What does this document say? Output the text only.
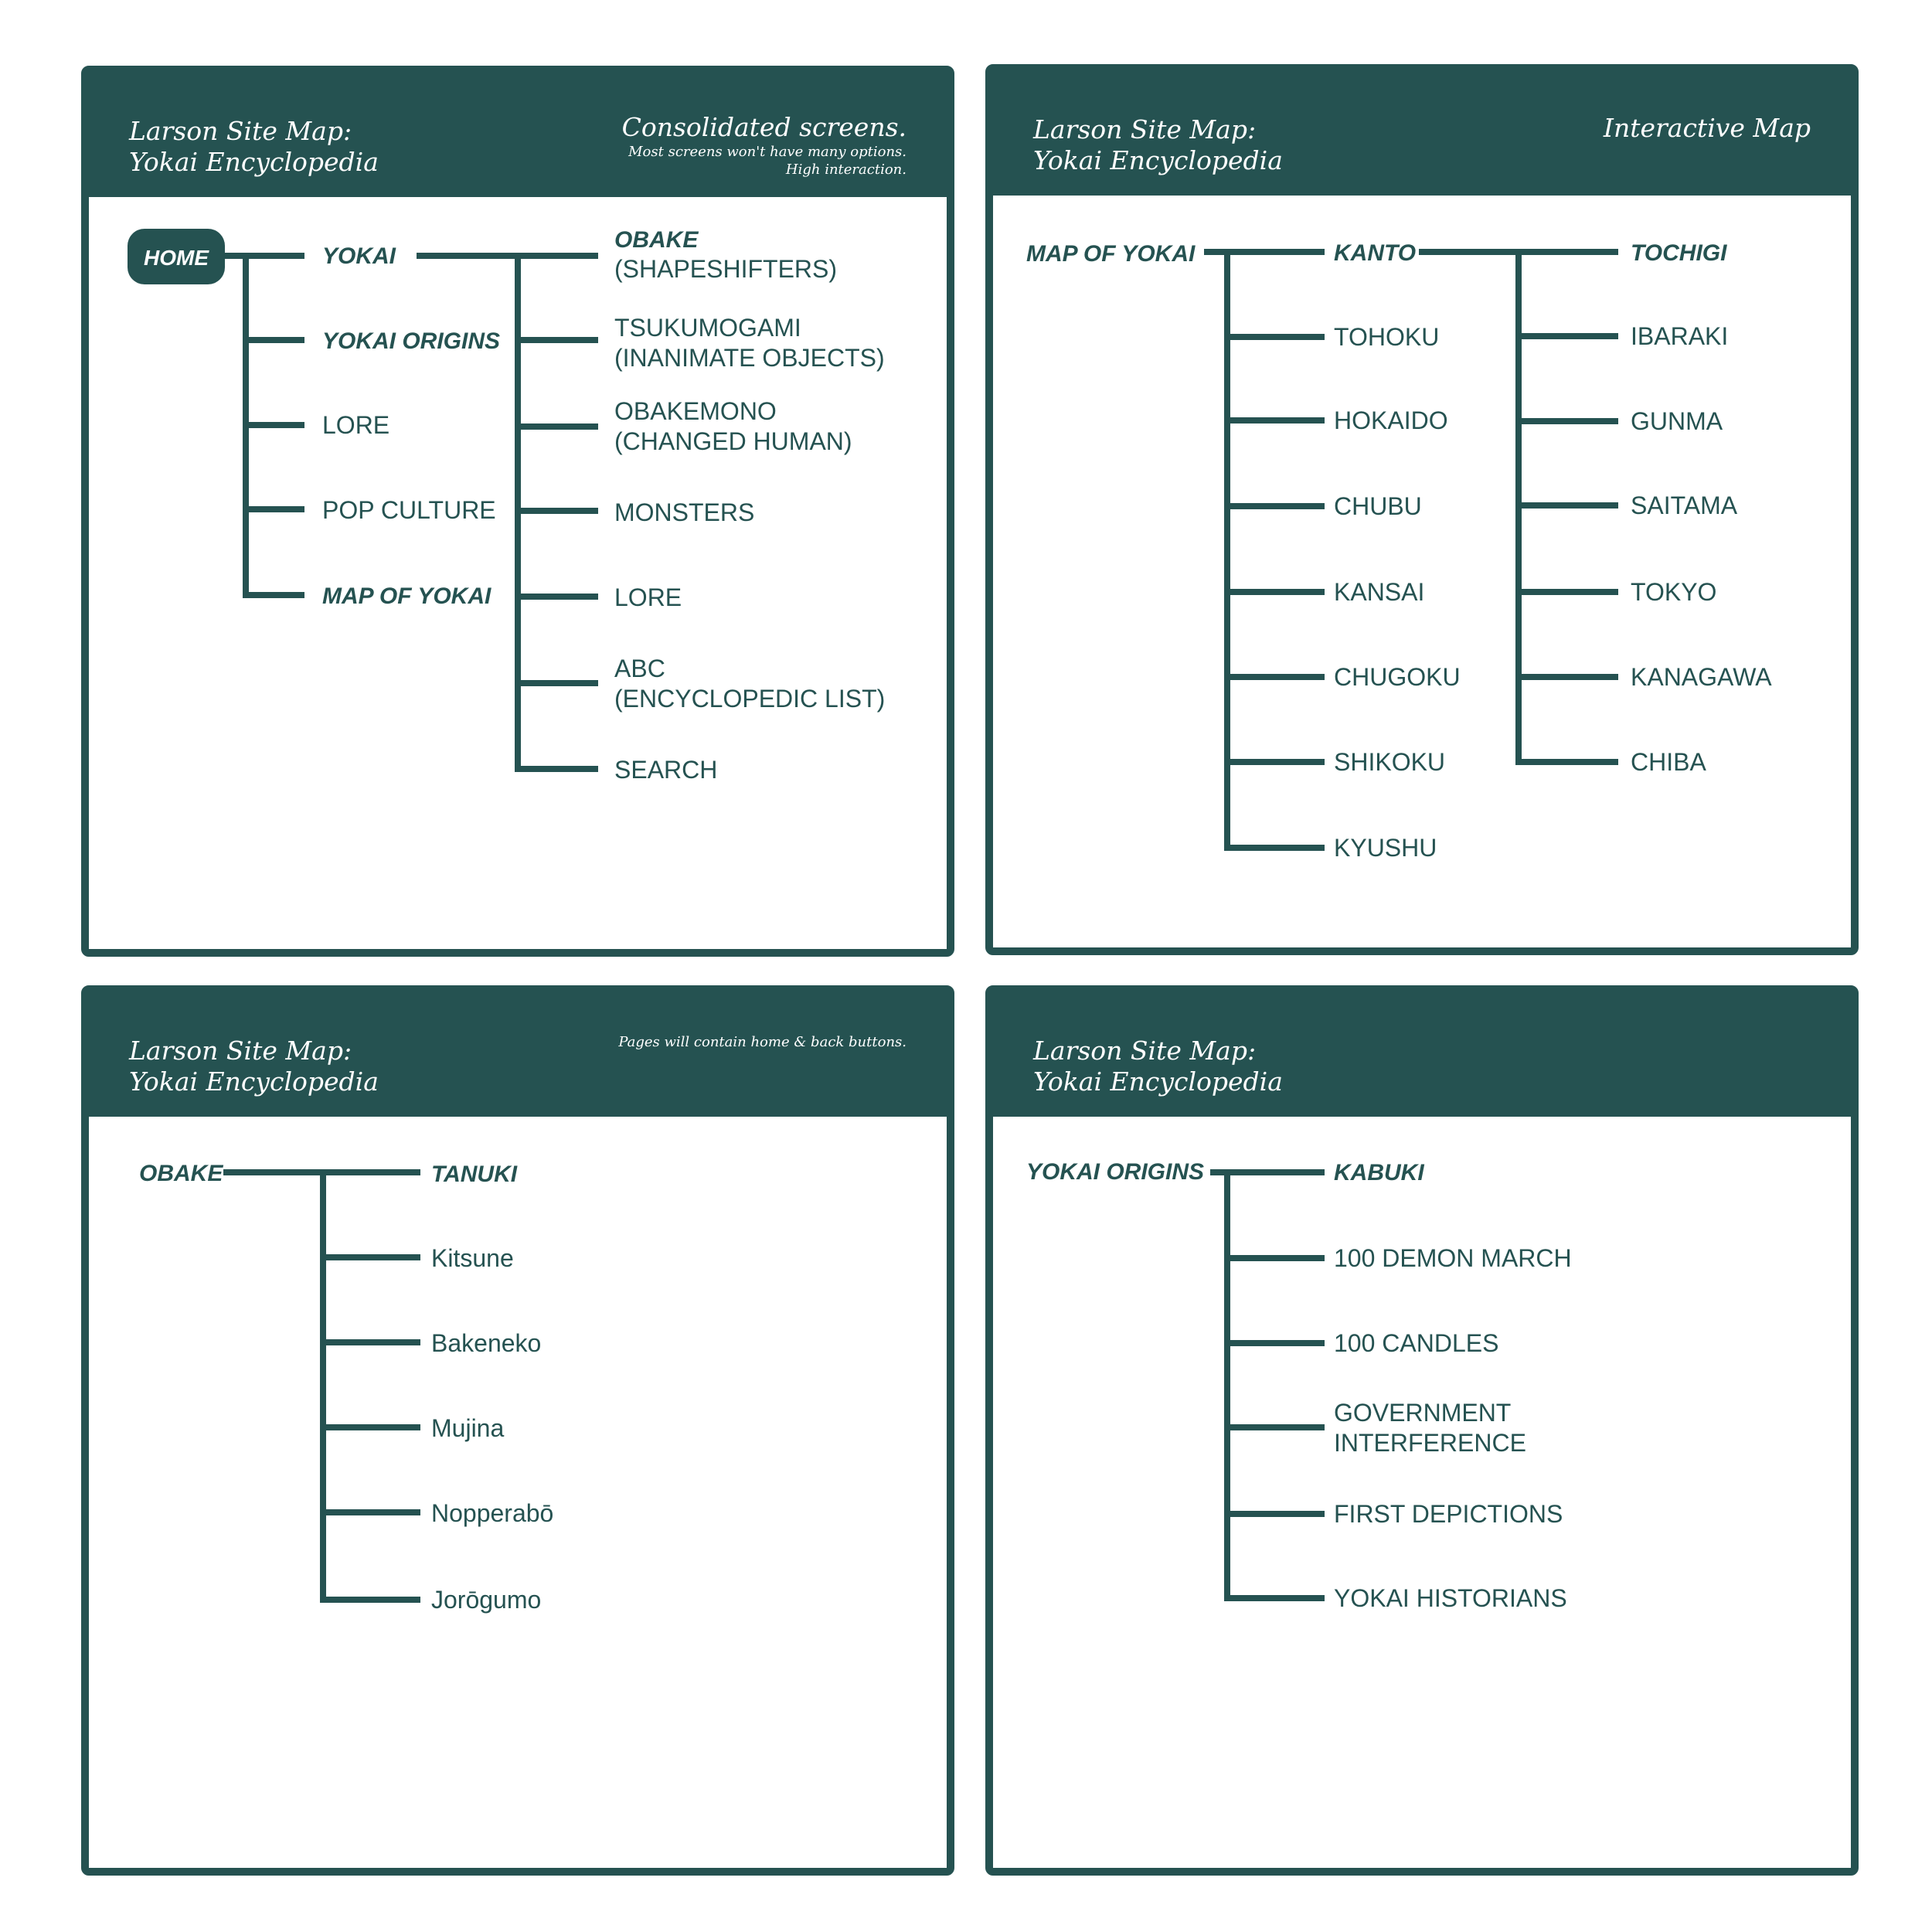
Larson Site Map:
Yokai Encyclopedia
Consolidated screens.
Most screens won't have many options.
High interaction.
Larson Site Map:
Yokai Encyclopedia
Interactive Map
Larson Site Map:
Yokai Encyclopedia
Pages will contain home & back buttons.	Larson Site Map:
Yokai Encyclopedia
HOME	YOKAI
YOKAI ORIGINS
LORE
POP CULTURE
MAP OF YOKAI
OBAKE
(SHAPESHIFTERS)
TSUKUMOGAMI
(INANIMATE OBJECTS)
OBAKEMONO
(CHANGED HUMAN)
MONSTERS
LORE
ABC
(ENCYCLOPEDIC LIST)
SEARCH
MAP OF YOKAI	KANTO
TOHOKU
HOKAIDO
CHUBU
KANSAI
CHUGOKU
SHIKOKU
KYUSHU
TOCHIGI
IBARAKI
GUNMA
SAITAMA
TOKYO
KANAGAWA
CHIBA
OBAKE	TANUKI
Kitsune
Bakeneko
Mujina
Nopperabō
Jorōgumo
YOKAI ORIGINS	KABUKI
100 DEMON MARCH
100 CANDLES
GOVERNMENT
INTERFERENCE
FIRST DEPICTIONS
YOKAI HISTORIANS
